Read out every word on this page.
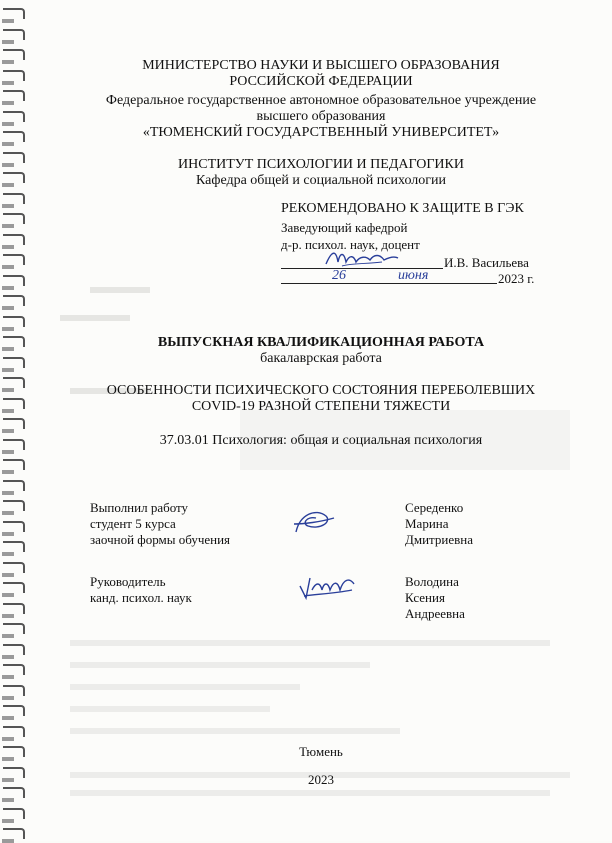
МИНИСТЕРСТВО НАУКИ И ВЫСШЕГО ОБРАЗОВАНИЯ
РОССИЙСКОЙ ФЕДЕРАЦИИ
Федеральное государственное автономное образовательное учреждение
высшего образования
«ТЮМЕНСКИЙ ГОСУДАРСТВЕННЫЙ УНИВЕРСИТЕТ»
ИНСТИТУТ ПСИХОЛОГИИ И ПЕДАГОГИКИ
Кафедра общей и социальной психологии
РЕКОМЕНДОВАНО К ЗАЩИТЕ В ГЭК
Заведующий кафедрой
д-р. психол. наук, доцент
И.В. Васильева
26	июня	2023 г.
ВЫПУСКНАЯ КВАЛИФИКАЦИОННАЯ РАБОТА
бакалаврская работа
ОСОБЕННОСТИ ПСИХИЧЕСКОГО СОСТОЯНИЯ ПЕРЕБОЛЕВШИХ
COVID-19 РАЗНОЙ СТЕПЕНИ ТЯЖЕСТИ
37.03.01 Психология: общая и социальная психология
Выполнил работу
студент 5 курса
заочной формы обучения
Середенко
Марина
Дмитриевна
Руководитель
канд. психол. наук
Володина
Ксения
Андреевна
Тюмень
2023
